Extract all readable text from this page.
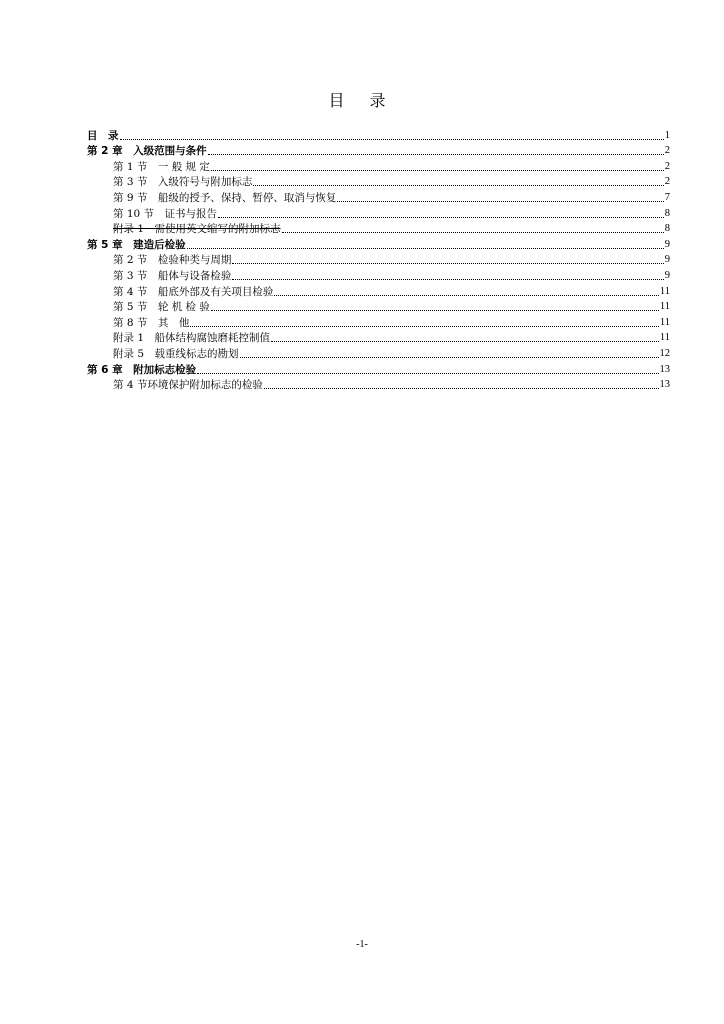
目 录
目　录	1
第 2 章　入级范围与条件	2
第 1 节　一 般 规 定	2
第 3 节　入级符号与附加标志	2
第 9 节　船级的授予、保持、暂停、取消与恢复	7
第 10 节　证书与报告	8
附录 1　需使用英文缩写的附加标志	8
第 5 章　建造后检验	9
第 2 节　检验种类与周期	9
第 3 节　船体与设备检验	9
第 4 节　船底外部及有关项目检验	11
第 5 节　轮 机 检 验	11
第 8 节　其　他	11
附录 1　船体结构腐蚀磨耗控制值	11
附录 5　载重线标志的勘划	12
第 6 章　附加标志检验	13
第 4 节环境保护附加标志的检验	13
-1-
